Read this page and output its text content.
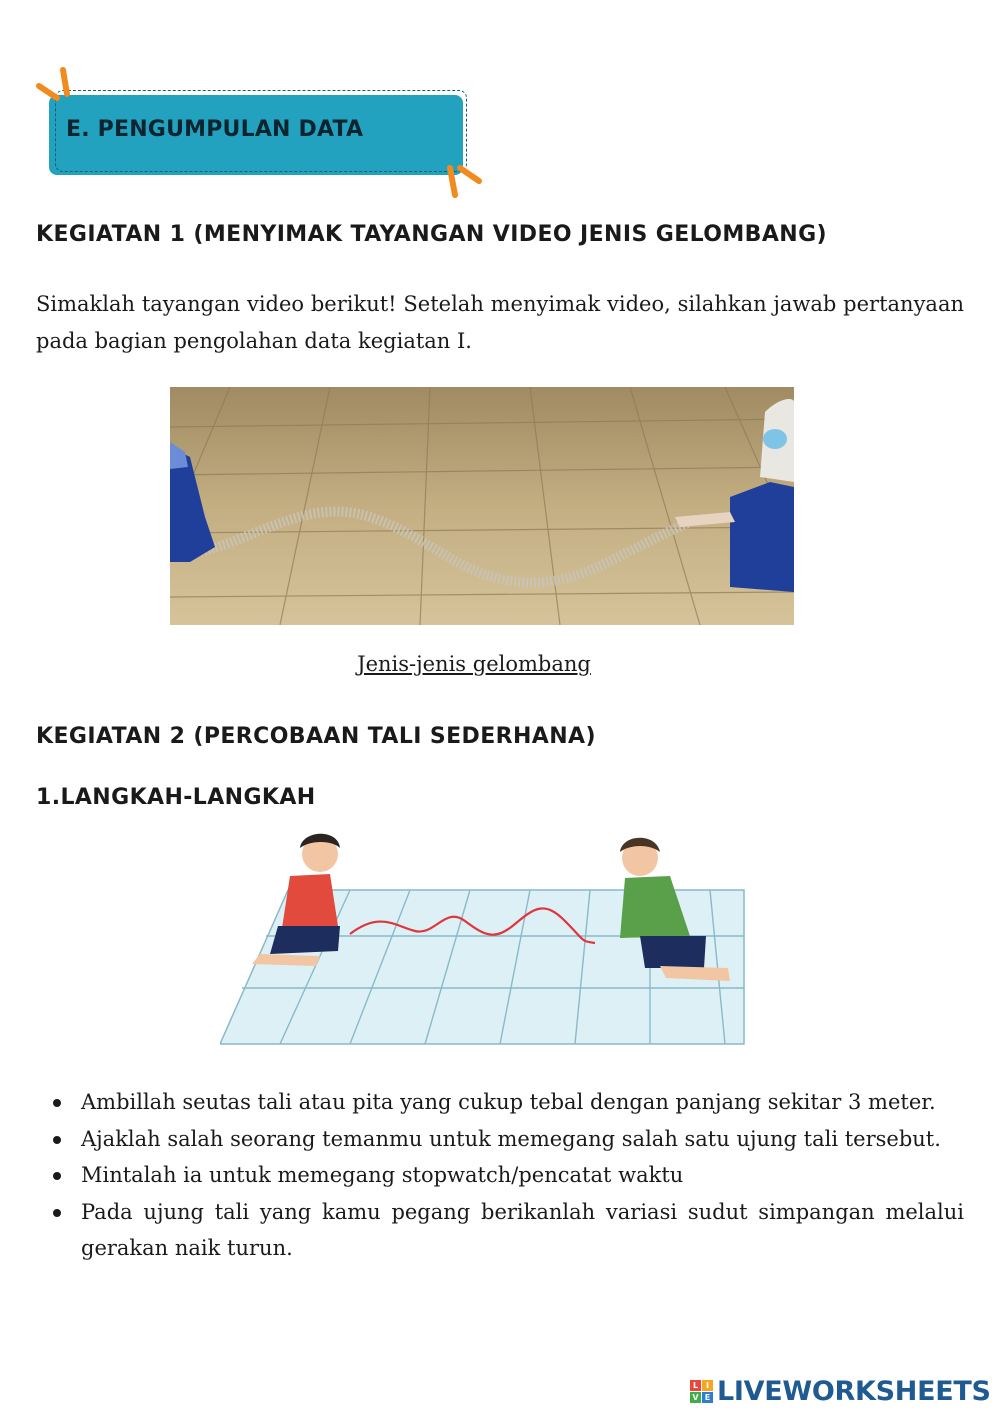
E. PENGUMPULAN DATA
KEGIATAN 1 (MENYIMAK TAYANGAN VIDEO JENIS GELOMBANG)

Simaklah tayangan video berikut! Setelah menyimak video, silahkan jawab pertanyaan pada bagian pengolahan data kegiatan I.

Jenis-jenis gelombang
KEGIATAN 2 (PERCOBAAN TALI SEDERHANA)
1.LANGKAH-LANGKAH
Ambillah seutas tali atau pita yang cukup tebal dengan panjang sekitar 3 meter.
Ajaklah salah seorang temanmu untuk memegang salah satu ujung tali tersebut.
Mintalah ia untuk memegang stopwatch/pencatat waktu
Pada ujung tali yang kamu pegang berikanlah variasi sudut simpangan melalui gerakan naik turun.
L I
V E LIVEWORKSHEETS
